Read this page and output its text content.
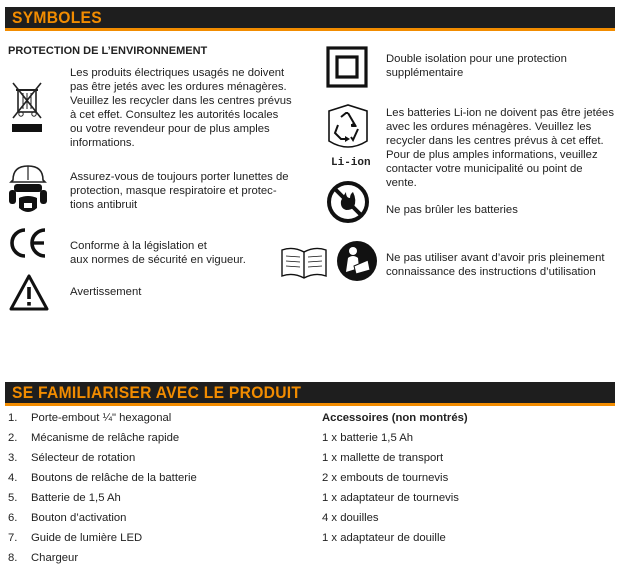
SYMBOLES
PROTECTION DE L’ENVIRONNEMENT
Les produits électriques usagés ne doivent
pas être jetés avec les ordures ménagères.
Veuillez les recycler dans les centres prévus
à cet effet. Consultez les autorités locales
ou votre revendeur pour de plus amples
informations.
Assurez-vous de toujours porter lunettes de
protection, masque respiratoire et protec-
tions antibruit
Conforme à la législation et
aux normes de sécurité en vigueur.
Avertissement
Li-ion
Double isolation pour une protection
supplémentaire
Les batteries Li-ion ne doivent pas être jetées
avec les ordures ménagères. Veuillez les
recycler dans les centres prévus à cet effet.
Pour de plus amples informations, veuillez
contacter votre municipalité ou point de
vente.
Ne pas brûler les batteries
Ne pas utiliser avant d’avoir pris pleinement
connaissance des instructions d’utilisation
SE FAMILIARISER AVEC LE PRODUIT
1.	Porte-embout ¼" hexagonal
2.	Mécanisme de relâche rapide
3.	Sélecteur de rotation
4.	Boutons de relâche de la batterie
5.	Batterie de 1,5 Ah
6.	Bouton d’activation
7.	Guide de lumière LED
8.	Chargeur
Accessoires (non montrés)
1 x batterie 1,5 Ah
1 x mallette de transport
2 x embouts de tournevis
1 x adaptateur de tournevis
4 x douilles
1 x adaptateur de douille
